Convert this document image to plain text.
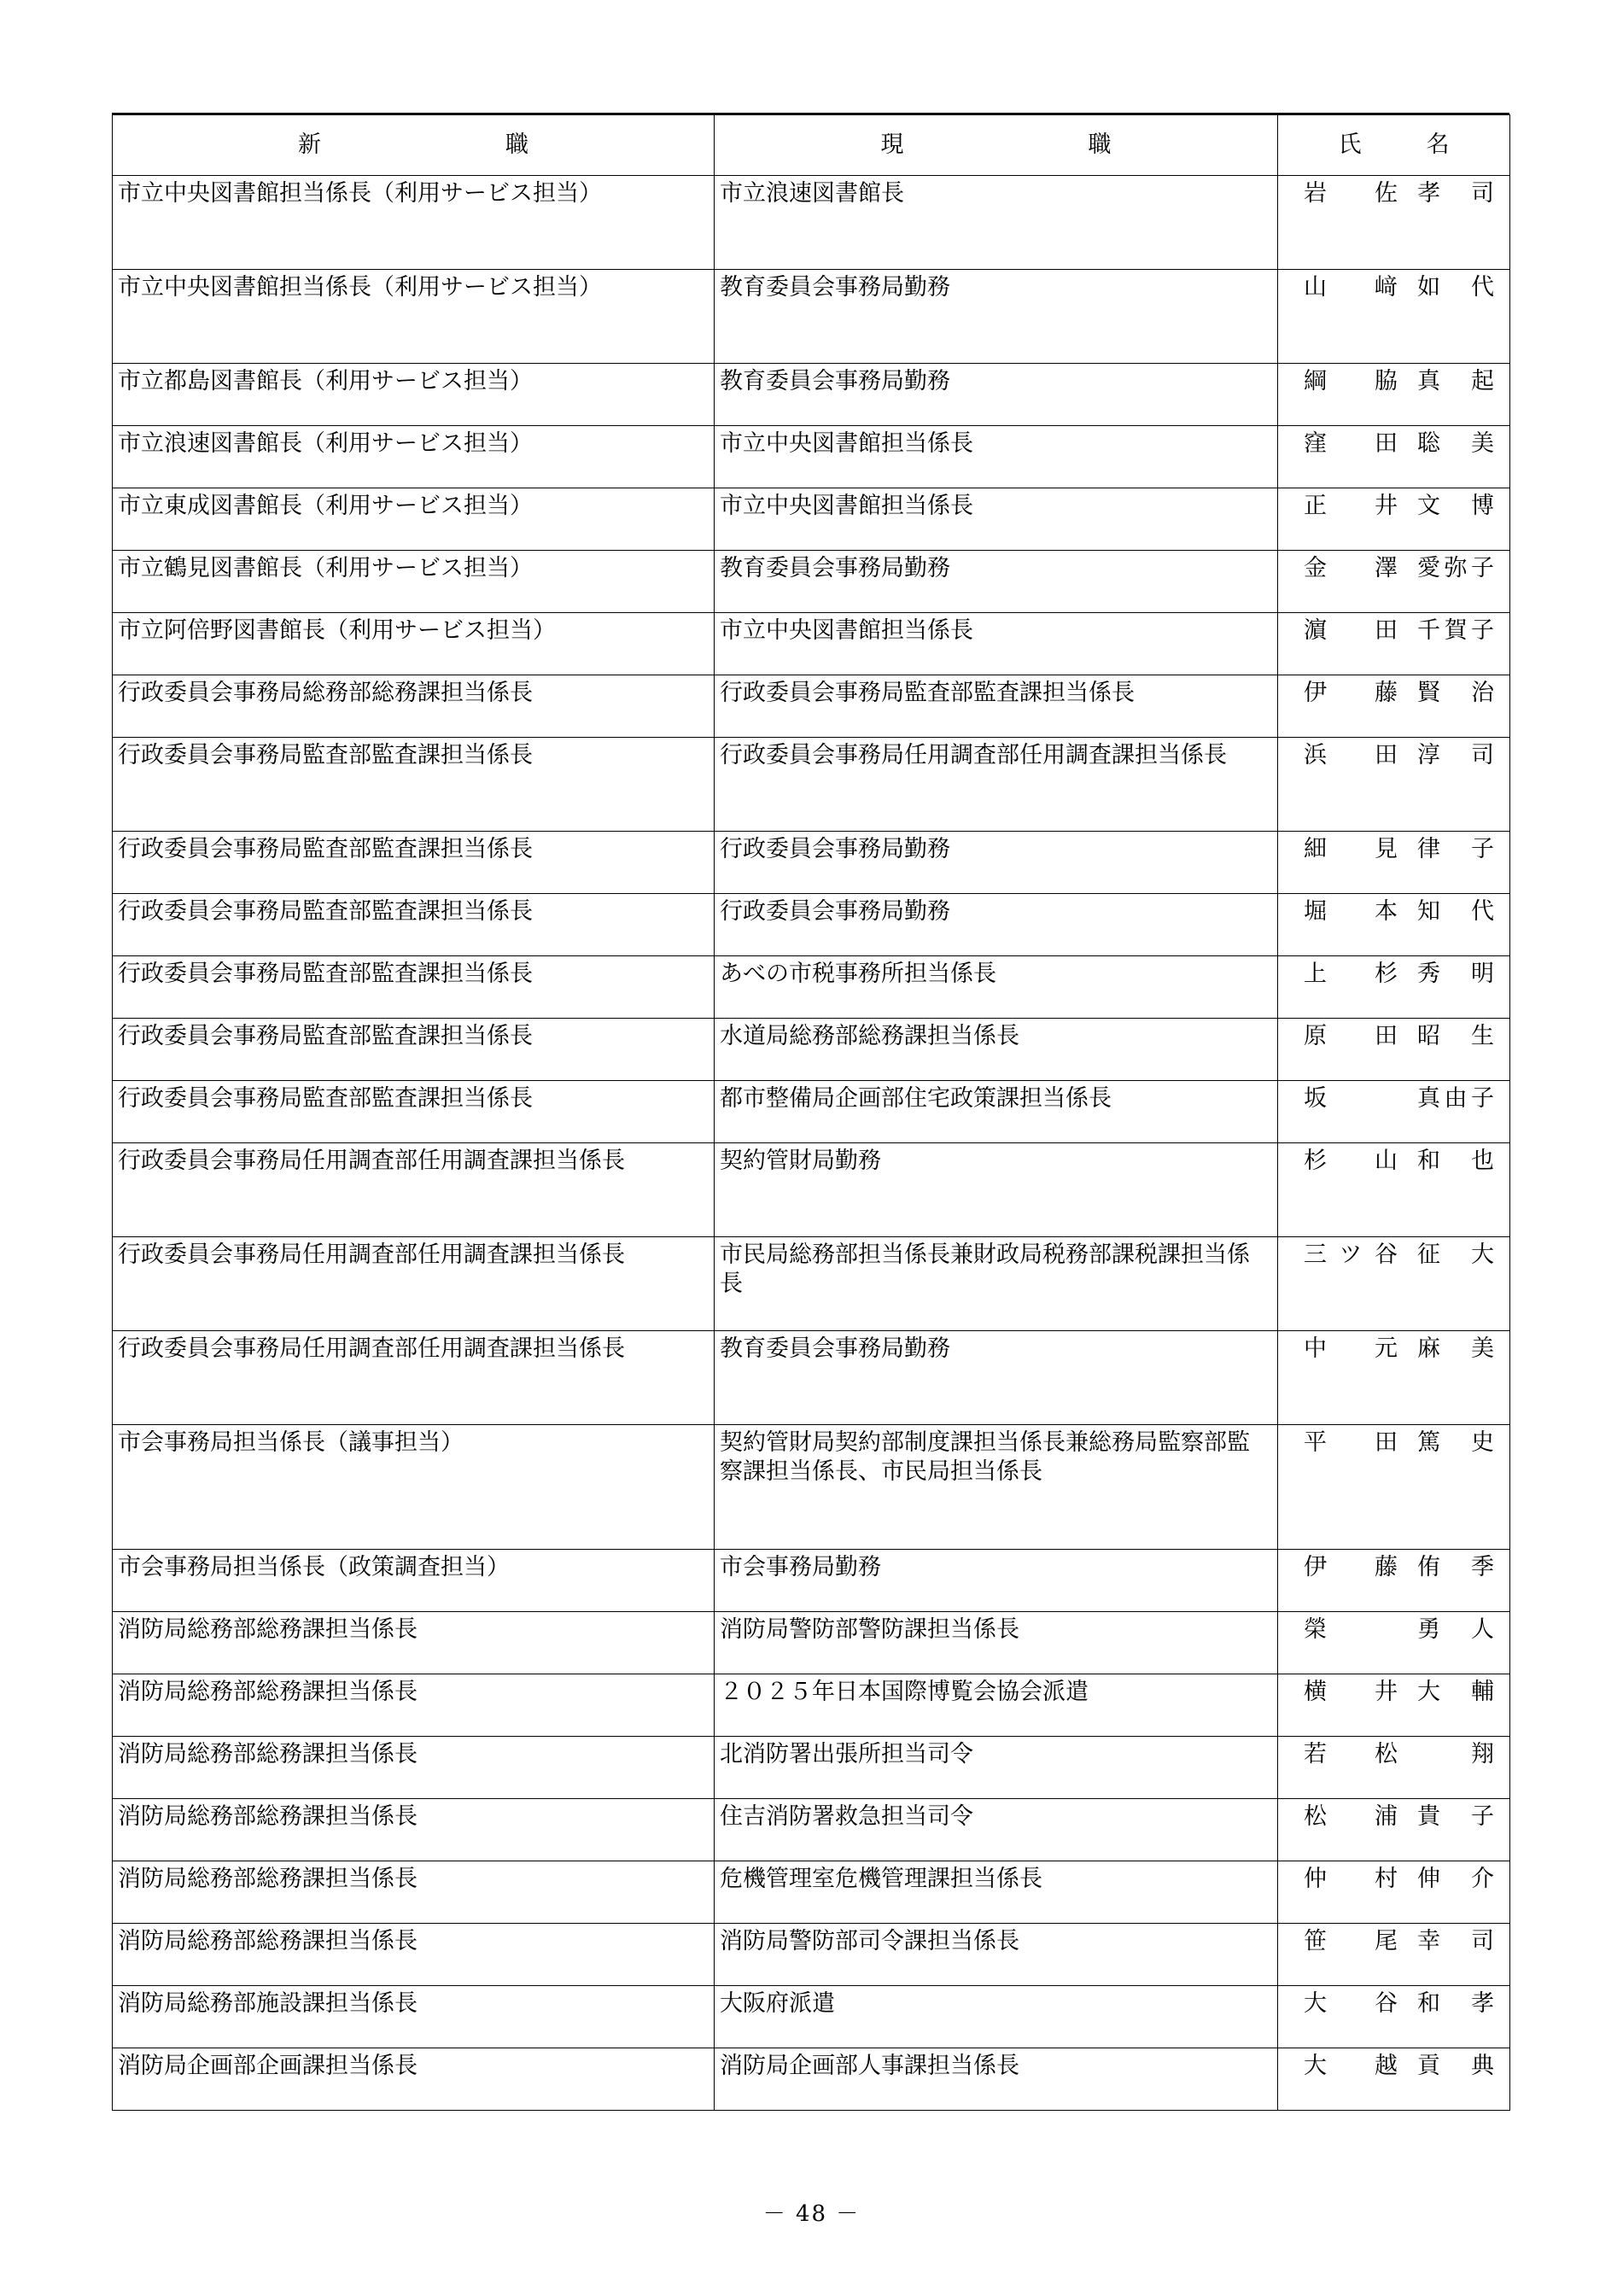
新 職	現 職	氏 名

市立中央図書館担当係長（利用サービス担当）	市立浪速図書館長	岩 佐 孝 司

市立中央図書館担当係長（利用サービス担当）	教育委員会事務局勤務	山 﨑 如 代

市立都島図書館長（利用サービス担当）	教育委員会事務局勤務	綱 脇 真 起

市立浪速図書館長（利用サービス担当）	市立中央図書館担当係長	窪 田 聡 美

市立東成図書館長（利用サービス担当）	市立中央図書館担当係長	正 井 文 博

市立鶴見図書館長（利用サービス担当）	教育委員会事務局勤務	金 澤 愛弥子

市立阿倍野図書館長（利用サービス担当）	市立中央図書館担当係長	濵 田 千賀子

行政委員会事務局総務部総務課担当係長	行政委員会事務局監査部監査課担当係長	伊 藤 賢 治

行政委員会事務局監査部監査課担当係長	行政委員会事務局任用調査部任用調査課担当係長	浜 田 淳 司

行政委員会事務局監査部監査課担当係長	行政委員会事務局勤務	細 見 律 子

行政委員会事務局監査部監査課担当係長	行政委員会事務局勤務	堀 本 知 代

行政委員会事務局監査部監査課担当係長	あべの市税事務所担当係長	上 杉 秀 明

行政委員会事務局監査部監査課担当係長	水道局総務部総務課担当係長	原 田 昭 生

行政委員会事務局監査部監査課担当係長	都市整備局企画部住宅政策課担当係長	坂 真由子

行政委員会事務局任用調査部任用調査課担当係長	契約管財局勤務	杉 山 和 也

行政委員会事務局任用調査部任用調査課担当係長	市民局総務部担当係長兼財政局税務部課税課担当係長	三ツ谷 征 大

行政委員会事務局任用調査部任用調査課担当係長	教育委員会事務局勤務	中 元 麻 美

市会事務局担当係長（議事担当）	契約管財局契約部制度課担当係長兼総務局監察部監察課担当係長、市民局担当係長	平 田 篤 史

市会事務局担当係長（政策調査担当）	市会事務局勤務	伊 藤 侑 季

消防局総務部総務課担当係長	消防局警防部警防課担当係長	榮 勇 人

消防局総務部総務課担当係長	２０２５年日本国際博覧会協会派遣	横 井 大 輔

消防局総務部総務課担当係長	北消防署出張所担当司令	若 松 翔

消防局総務部総務課担当係長	住吉消防署救急担当司令	松 浦 貴 子

消防局総務部総務課担当係長	危機管理室危機管理課担当係長	仲 村 伸 介

消防局総務部総務課担当係長	消防局警防部司令課担当係長	笹 尾 幸 司

消防局総務部施設課担当係長	大阪府派遣	大 谷 和 孝

消防局企画部企画課担当係長	消防局企画部人事課担当係長	大 越 貢 典
－ 48 －
